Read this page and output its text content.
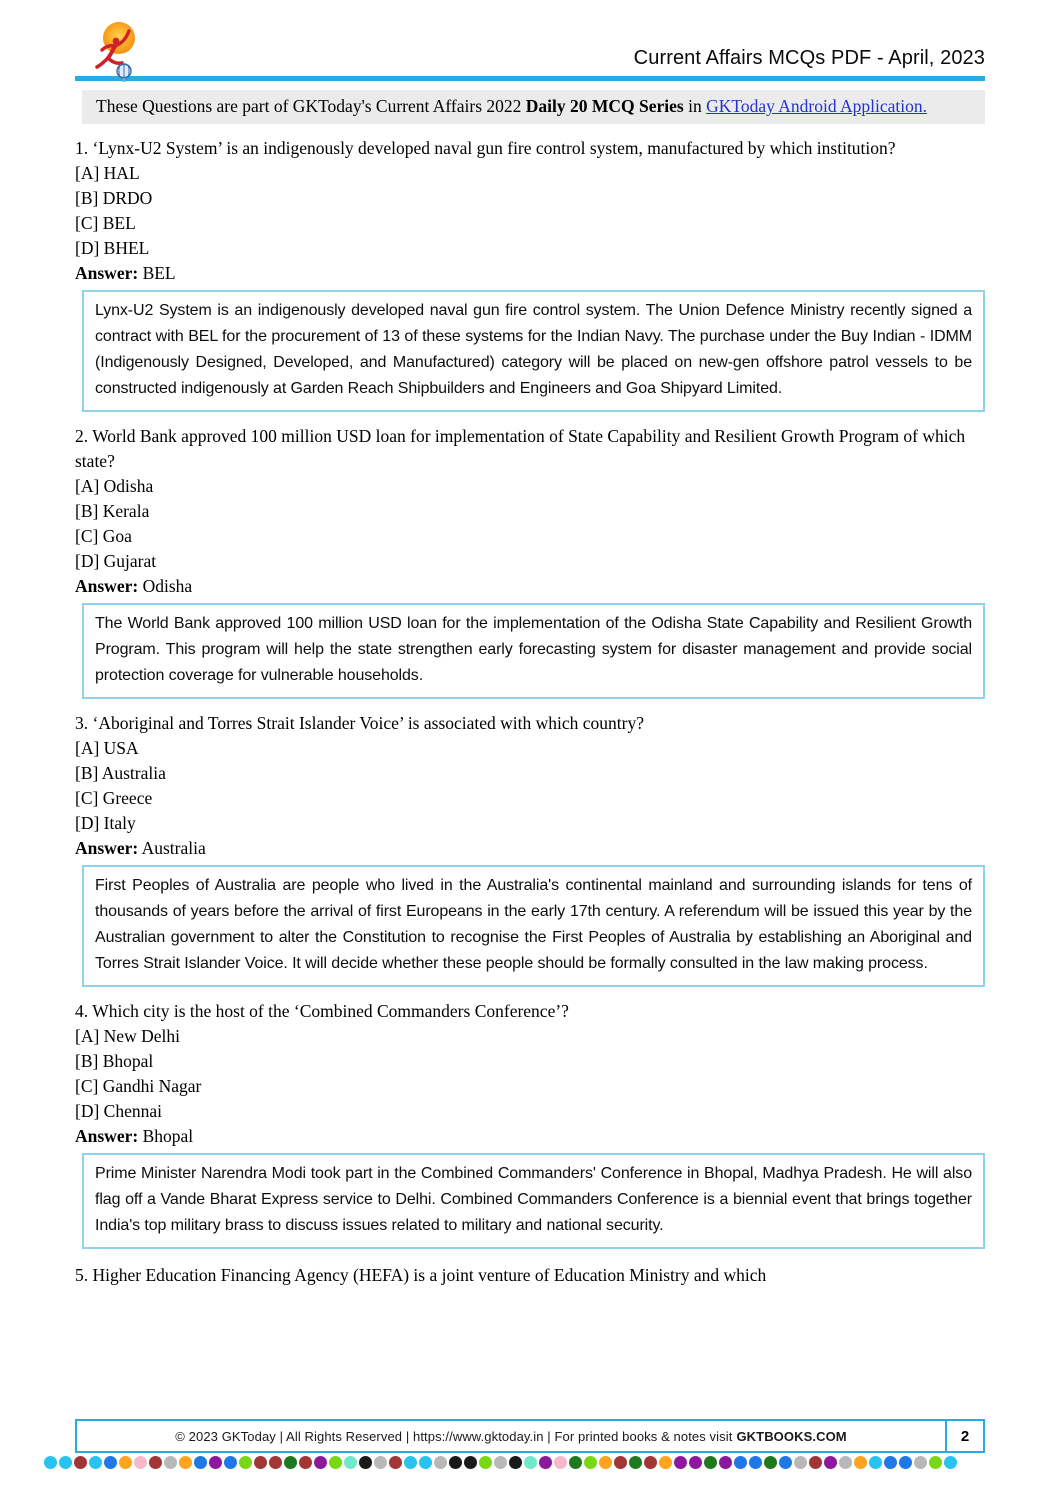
Current Affairs MCQs PDF - April, 2023
These Questions are part of GKToday's Current Affairs 2022 Daily 20 MCQ Series in GKToday Android Application.

1. ‘Lynx-U2 System’ is an indigenously developed naval gun fire control system, manufactured by which institution?

[A] HAL
[B] DRDO
[C] BEL
[D] BHEL

Answer: BEL

Lynx-U2 System is an indigenously developed naval gun fire control system. The Union Defence Ministry recently signed a contract with BEL for the procurement of 13 of these systems for the Indian Navy. The purchase under the Buy Indian - IDMM (Indigenously Designed, Developed, and Manufactured) category will be placed on new-gen offshore patrol vessels to be constructed indigenously at Garden Reach Shipbuilders and Engineers and Goa Shipyard Limited.

2. World Bank approved 100 million USD loan for implementation of State Capability and Resilient Growth Program of which state?

[A] Odisha
[B] Kerala
[C] Goa
[D] Gujarat

Answer: Odisha

The World Bank approved 100 million USD loan for the implementation of the Odisha State Capability and Resilient Growth Program. This program will help the state strengthen early forecasting system for disaster management and provide social protection coverage for vulnerable households.

3. ‘Aboriginal and Torres Strait Islander Voice’ is associated with which country?

[A] USA
[B] Australia
[C] Greece
[D] Italy

Answer: Australia

First Peoples of Australia are people who lived in the Australia's continental mainland and surrounding islands for tens of thousands of years before the arrival of first Europeans in the early 17th century. A referendum will be issued this year by the Australian government to alter the Constitution to recognise the First Peoples of Australia by establishing an Aboriginal and Torres Strait Islander Voice. It will decide whether these people should be formally consulted in the law making process.

4. Which city is the host of the ‘Combined Commanders Conference’?

[A] New Delhi
[B] Bhopal
[C] Gandhi Nagar
[D] Chennai

Answer: Bhopal

Prime Minister Narendra Modi took part in the Combined Commanders' Conference in Bhopal, Madhya Pradesh. He will also flag off a Vande Bharat Express service to Delhi. Combined Commanders Conference is a biennial event that brings together India's top military brass to discuss issues related to military and national security.

5. Higher Education Financing Agency (HEFA) is a joint venture of Education Ministry and which

© 2023 GKToday | All Rights Reserved | https://www.gktoday.in | For printed books & notes visit GKTBOOKS.COM	2
